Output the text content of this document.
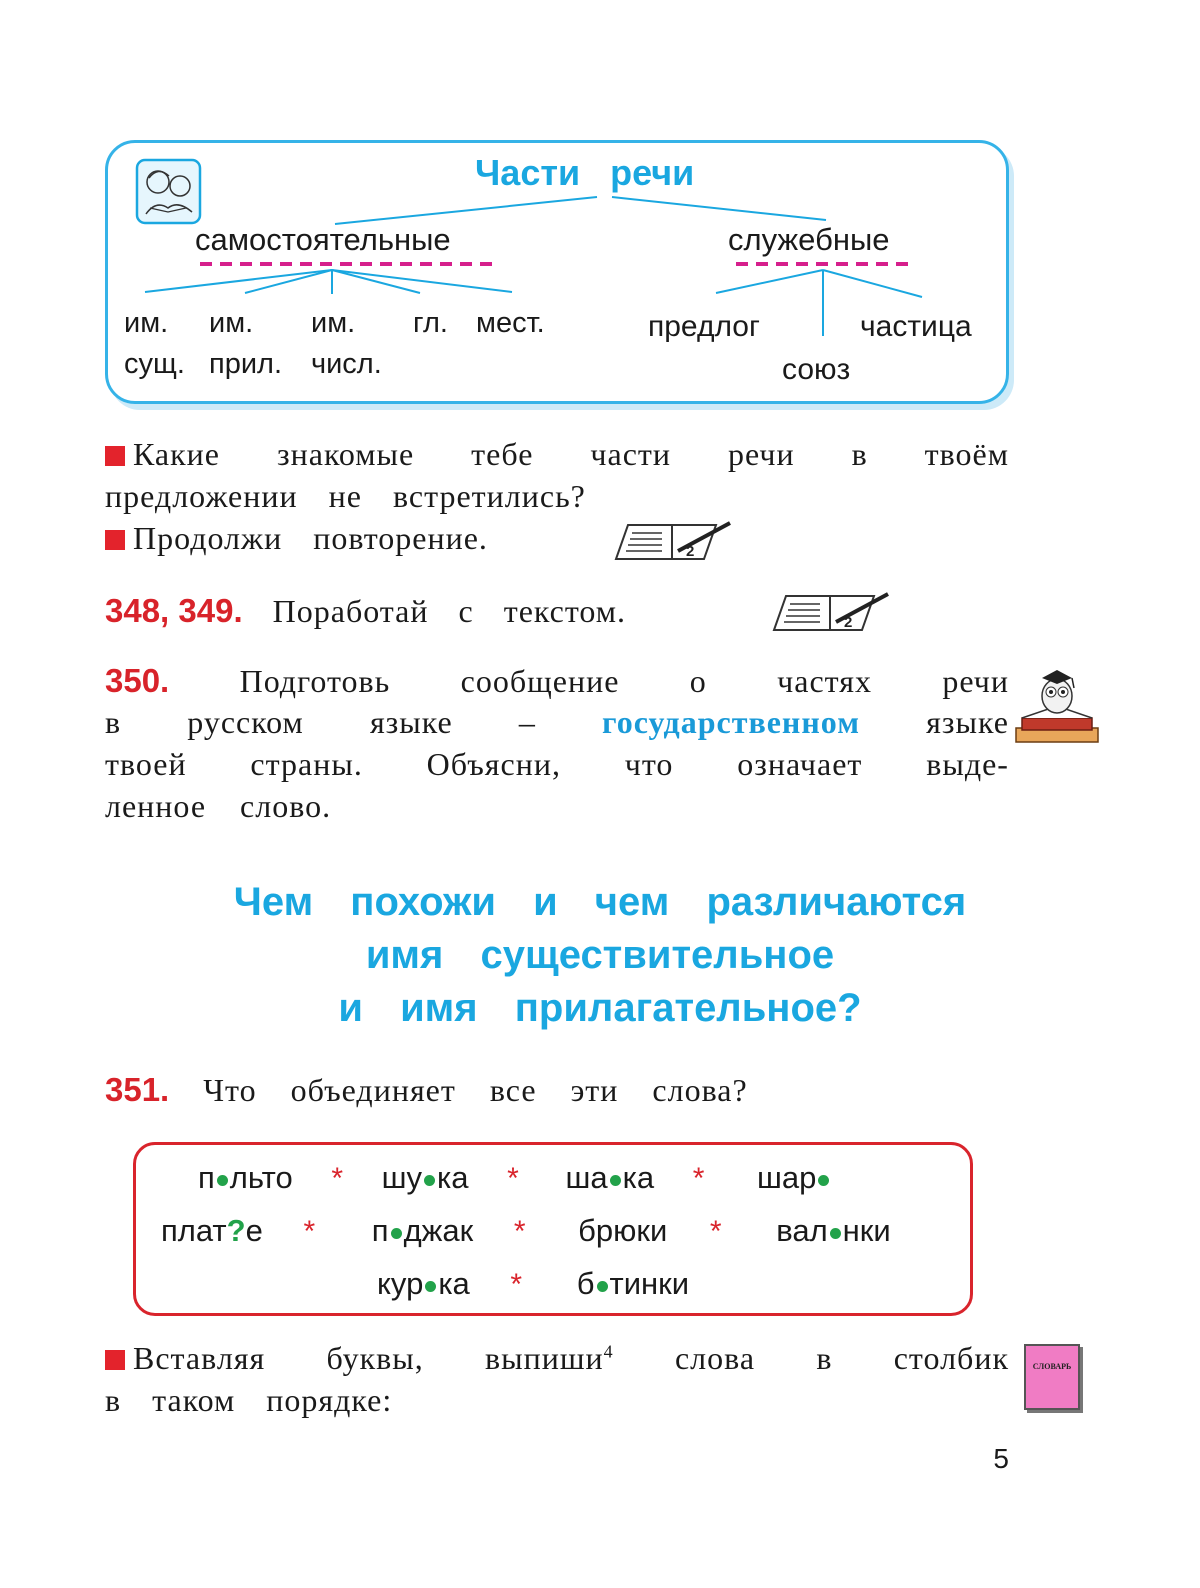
Части речи
самостоятельные	служебные
им.
сущ.
им.
прил.
им.
числ.
гл. мест.	предлог	частица
союз
Какие знакомые тебе части речи в твоём
предложении не встретились?
Продолжи повторение.	2
348, 349. Поработай с текстом.	2
350. Подготовь сообщение о частях речи
в русском языке – государственном языке
твоей страны. Объясни, что означает выде-
ленное слово.
Чем похожи и чем различаются
имя существительное
и имя прилагательное?
351. Что объединяет все эти слова?
п льто * шу ка * ша ка * шар
плат?е * п джак * брюки * вал нки
кур ка * б тинки
Вставляя буквы, выпиши$^4$ слова в столбик
в таком порядке:
СЛОВАРЬ
5
